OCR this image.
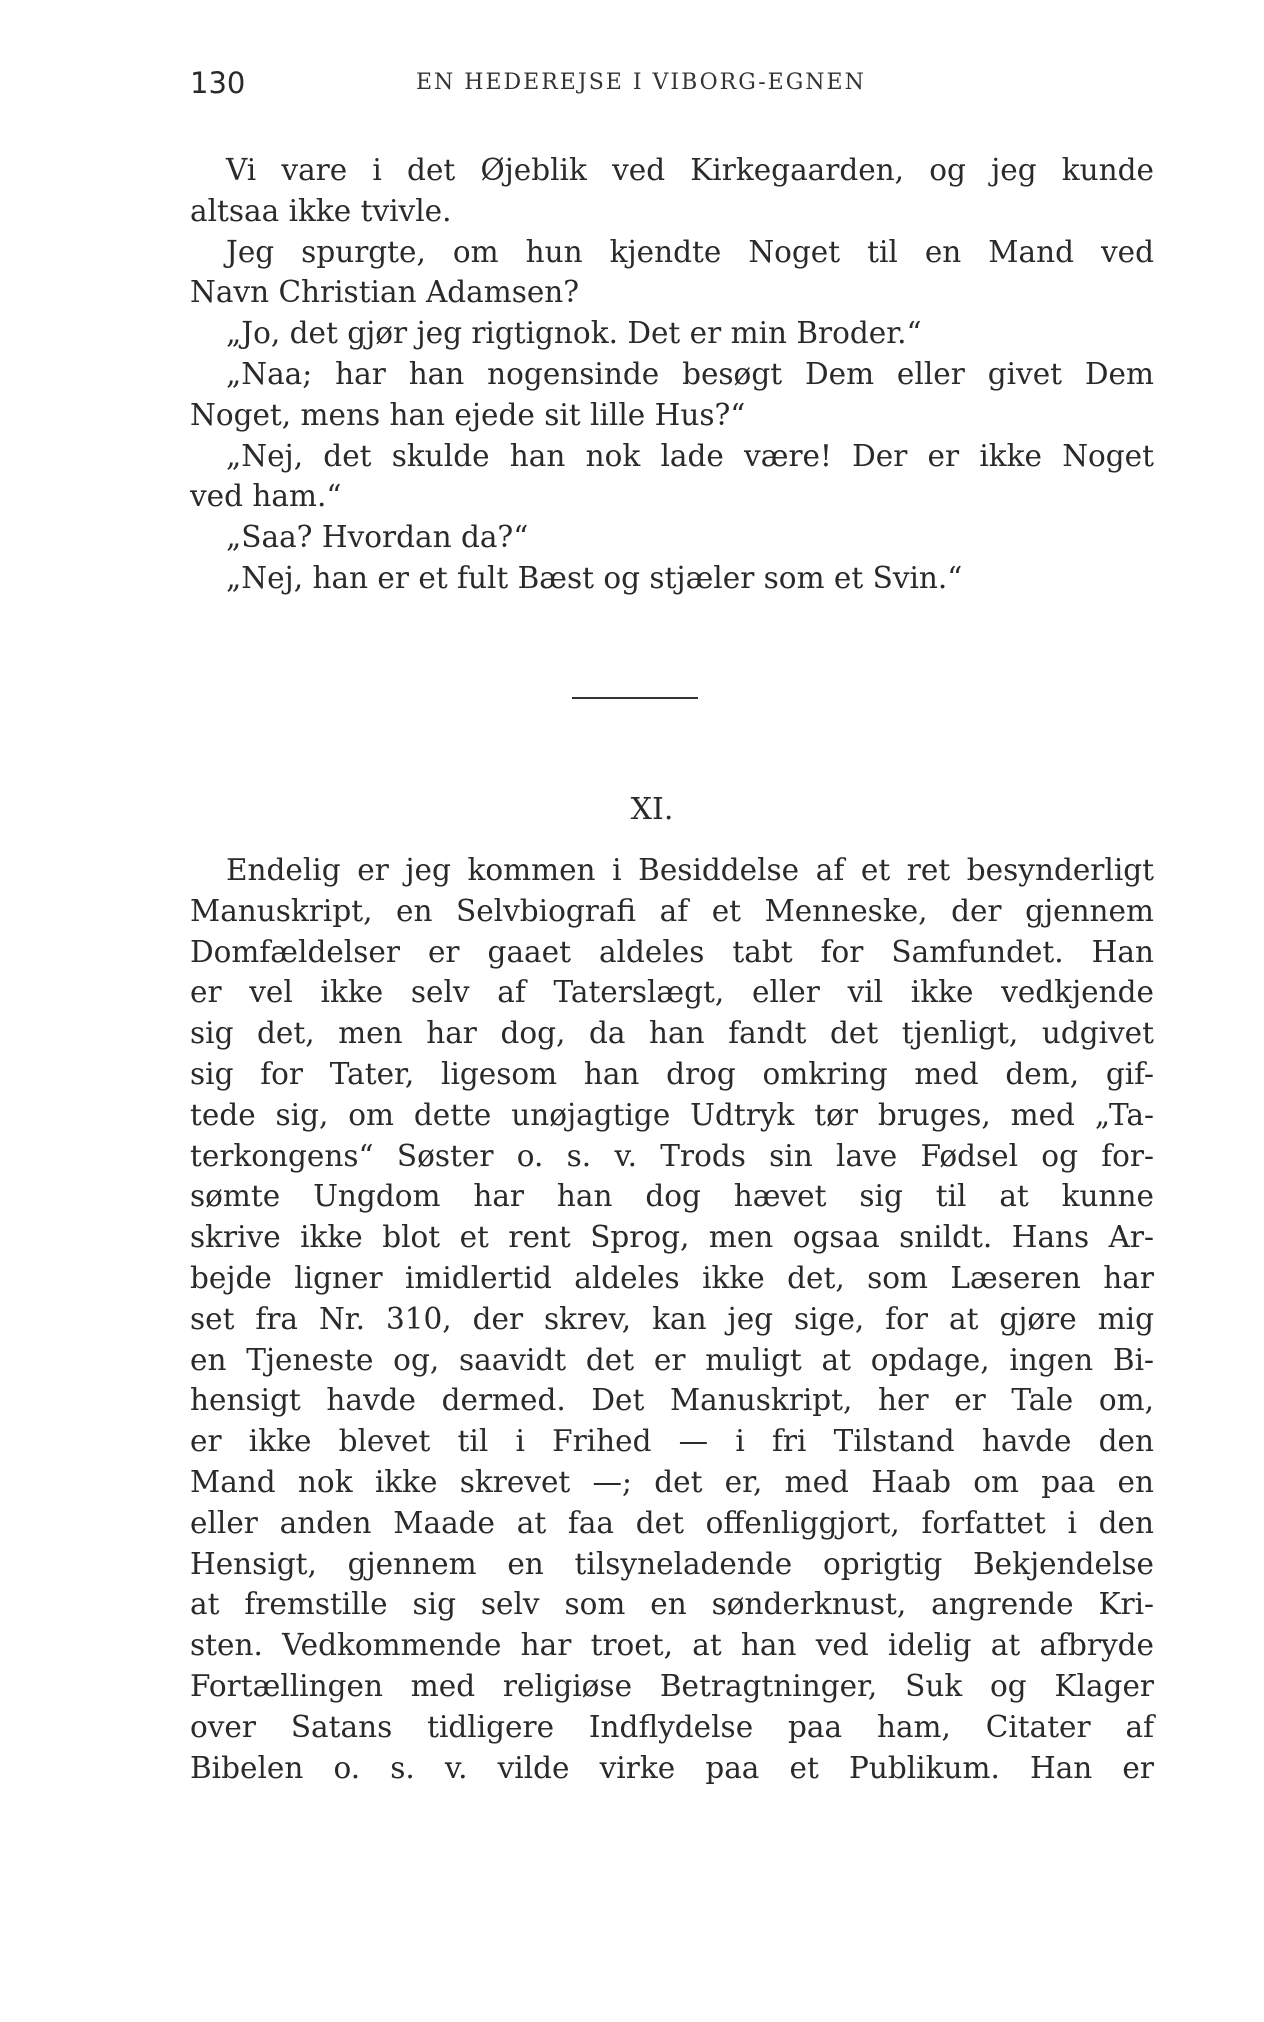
130	EN HEDEREJSE I VIBORG-EGNEN
Vi vare i det Øjeblik ved Kirkegaarden, og jeg kunde
altsaa ikke tvivle.
Jeg spurgte, om hun kjendte Noget til en Mand ved
Navn Christian Adamsen?
„Jo, det gjør jeg rigtignok. Det er min Broder.“
„Naa; har han nogensinde besøgt Dem eller givet Dem
Noget, mens han ejede sit lille Hus?“
„Nej, det skulde han nok lade være! Der er ikke Noget
ved ham.“
„Saa? Hvordan da?“
„Nej, han er et fult Bæst og stjæler som et Svin.“
XI.
Endelig er jeg kommen i Besiddelse af et ret besynderligt
Manuskript, en Selvbiografi af et Menneske, der gjennem
Domfældelser er gaaet aldeles tabt for Samfundet. Han
er vel ikke selv af Taterslægt, eller vil ikke vedkjende
sig det, men har dog, da han fandt det tjenligt, udgivet
sig for Tater, ligesom han drog omkring med dem, gif-
tede sig, om dette unøjagtige Udtryk tør bruges, med „Ta-
terkongens“ Søster o. s. v. Trods sin lave Fødsel og for-
sømte Ungdom har han dog hævet sig til at kunne
skrive ikke blot et rent Sprog, men ogsaa snildt. Hans Ar-
bejde ligner imidlertid aldeles ikke det, som Læseren har
set fra Nr. 310, der skrev, kan jeg sige, for at gjøre mig
en Tjeneste og, saavidt det er muligt at opdage, ingen Bi-
hensigt havde dermed. Det Manuskript, her er Tale om,
er ikke blevet til i Frihed — i fri Tilstand havde den
Mand nok ikke skrevet —; det er, med Haab om paa en
eller anden Maade at faa det offenliggjort, forfattet i den
Hensigt, gjennem en tilsyneladende oprigtig Bekjendelse
at fremstille sig selv som en sønderknust, angrende Kri-
sten. Vedkommende har troet, at han ved idelig at afbryde
Fortællingen med religiøse Betragtninger, Suk og Klager
over Satans tidligere Indflydelse paa ham, Citater af
Bibelen o. s. v. vilde virke paa et Publikum. Han er
